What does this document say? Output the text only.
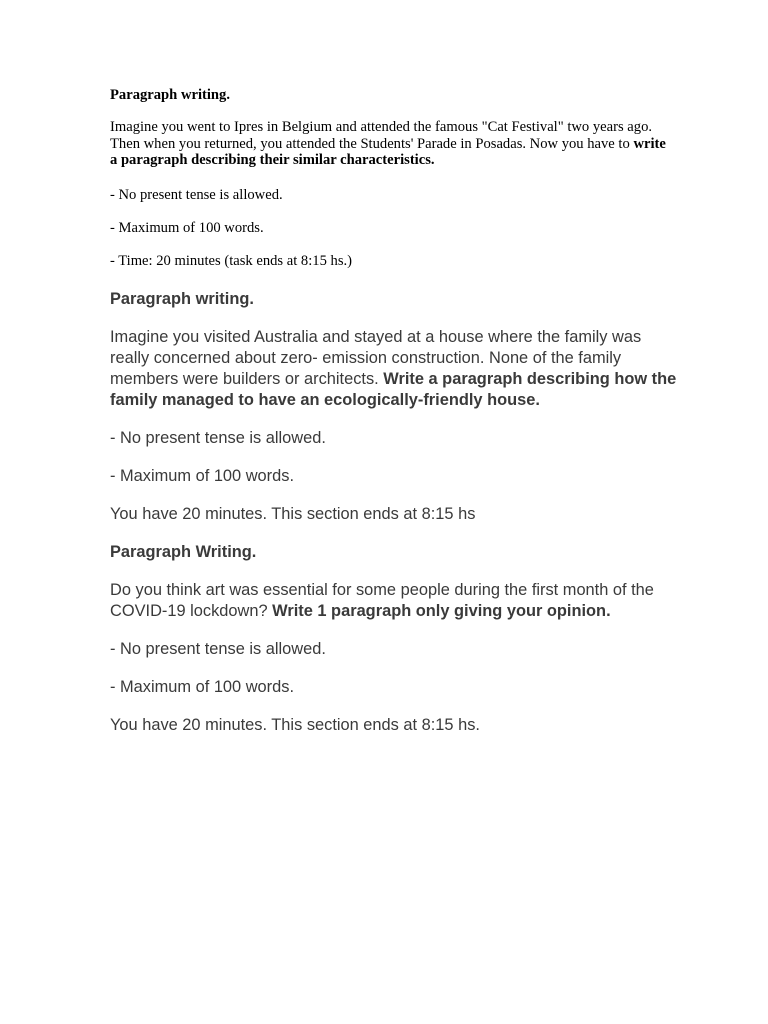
Paragraph writing.
Imagine you went to Ipres in Belgium and attended the famous "Cat Festival" two years ago. Then when you returned, you attended the Students' Parade in Posadas. Now you have to write a paragraph describing their similar characteristics.
- No present tense is allowed.
- Maximum of 100 words.
- Time: 20 minutes (task ends at 8:15 hs.)
Paragraph writing.
Imagine you visited Australia and stayed at a house where the family was really concerned about zero- emission construction. None of the family members were builders or architects. Write a paragraph describing how the family managed to have an ecologically-friendly house.
- No present tense is allowed.
- Maximum of 100 words.
You have 20 minutes. This section ends at 8:15 hs
Paragraph Writing.
Do you think art was essential for some people during the first month of the COVID-19 lockdown? Write 1 paragraph only giving your opinion.
- No present tense is allowed.
- Maximum of 100 words.
You have 20 minutes. This section ends at 8:15 hs.
